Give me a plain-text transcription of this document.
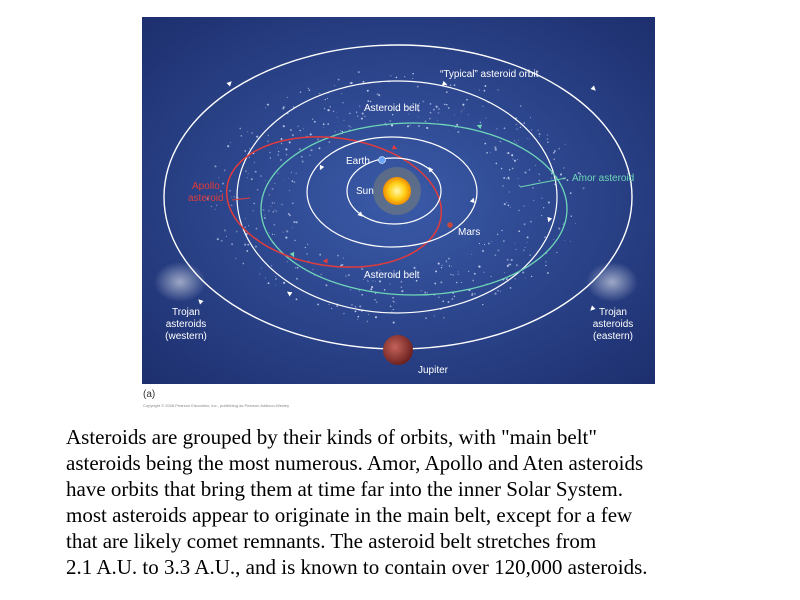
“Typical” asteroid orbit
Asteroid belt
Earth
Sun
Mars
Apollo
asteroid
Amor asteroid
Asteroid belt
Trojan
asteroids
(western)
Trojan
asteroids
(eastern)
Jupiter
(a)
Copyright © 2008 Pearson Education, Inc., publishing as Pearson Addison-Wesley
Asteroids are grouped by their kinds of orbits, with "main belt"
asteroids being the most numerous. Amor, Apollo and Aten asteroids
have orbits that bring them at time far into the inner Solar System.
most asteroids appear to originate in the main belt, except for a few
that are likely comet remnants. The asteroid belt stretches from
2.1 A.U. to 3.3 A.U., and is known to contain over 120,000 asteroids.
